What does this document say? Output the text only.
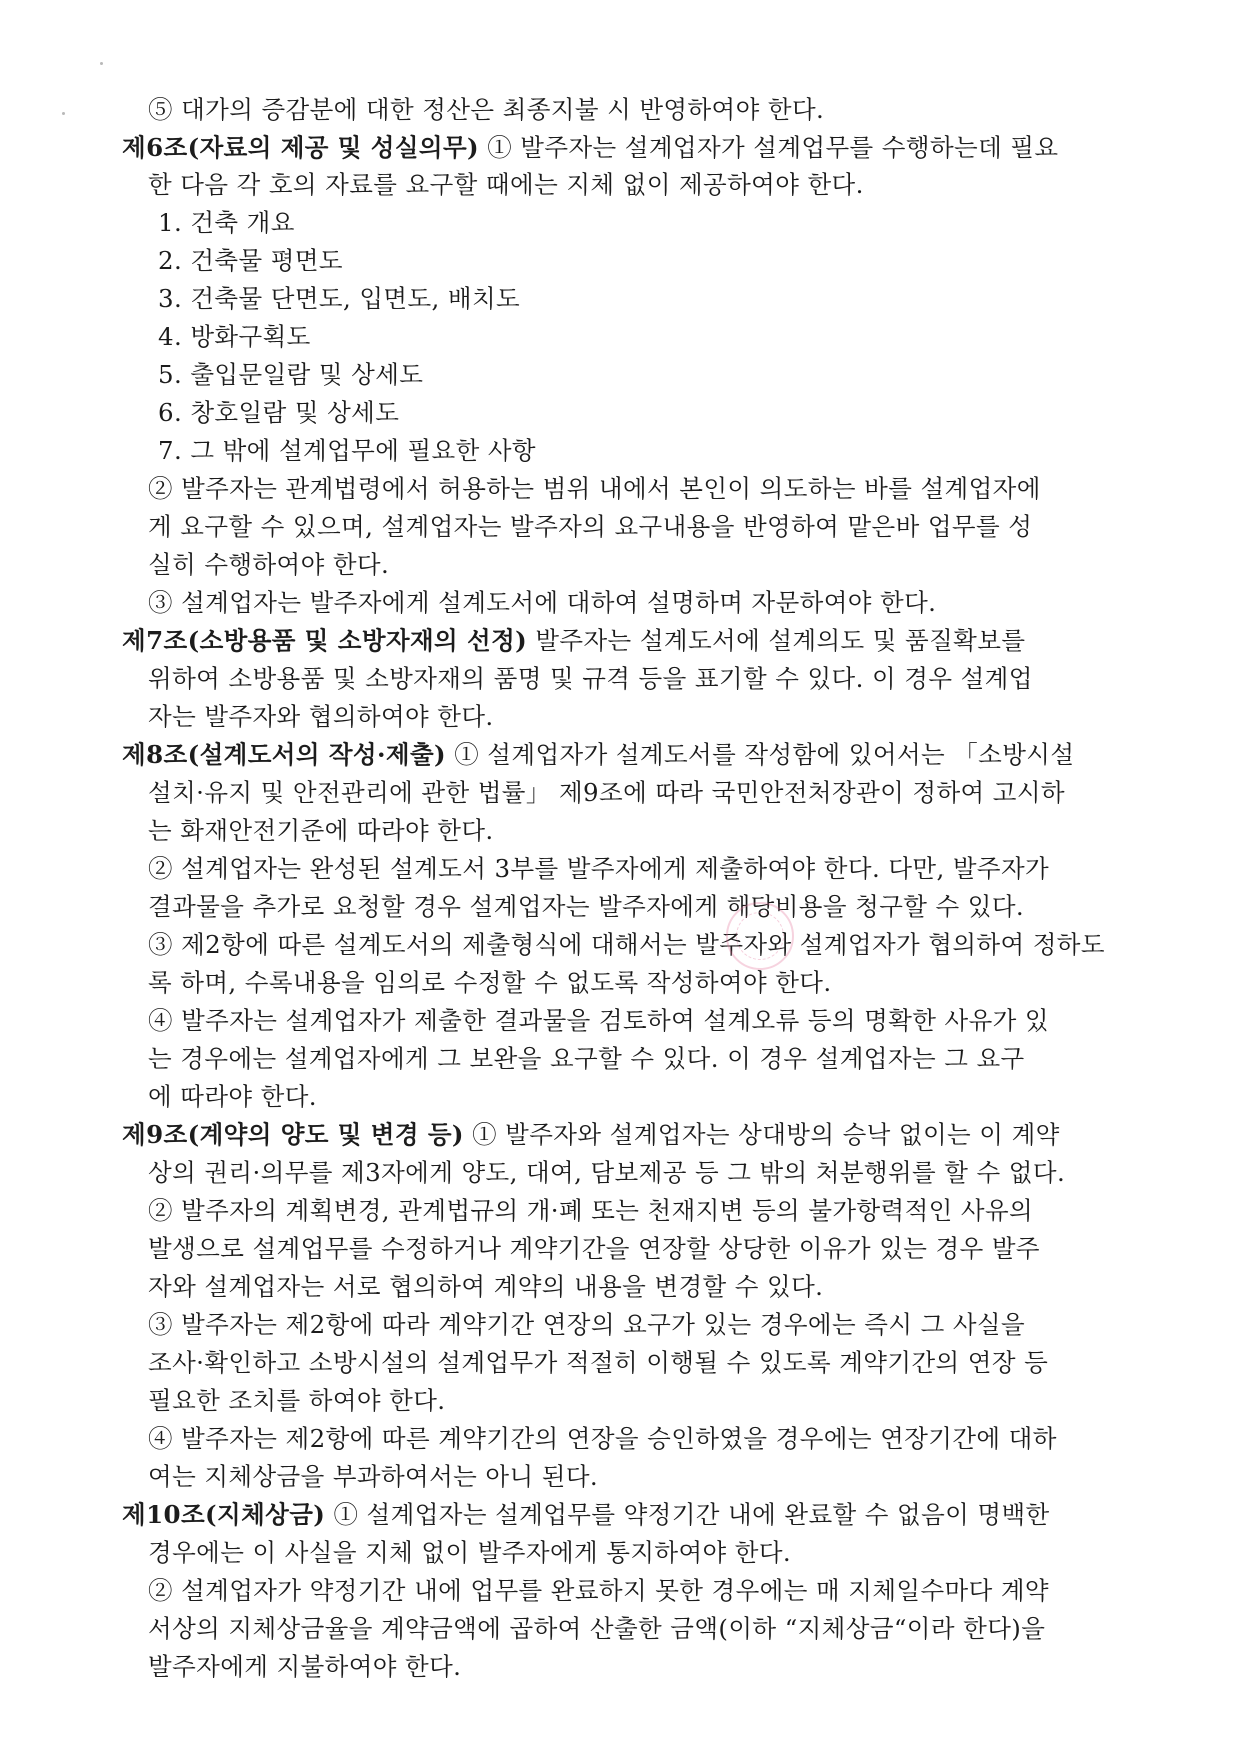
⑤ 대가의 증감분에 대한 정산은 최종지불 시 반영하여야 한다.
제6조(자료의 제공 및 성실의무) ① 발주자는 설계업자가 설계업무를 수행하는데 필요
한 다음 각 호의 자료를 요구할 때에는 지체 없이 제공하여야 한다.
1. 건축 개요
2. 건축물 평면도
3. 건축물 단면도, 입면도, 배치도
4. 방화구획도
5. 출입문일람 및 상세도
6. 창호일람 및 상세도
7. 그 밖에 설계업무에 필요한 사항
② 발주자는 관계법령에서 허용하는 범위 내에서 본인이 의도하는 바를 설계업자에
게 요구할 수 있으며, 설계업자는 발주자의 요구내용을 반영하여 맡은바 업무를 성
실히 수행하여야 한다.
③ 설계업자는 발주자에게 설계도서에 대하여 설명하며 자문하여야 한다.
제7조(소방용품 및 소방자재의 선정) 발주자는 설계도서에 설계의도 및 품질확보를
위하여 소방용품 및 소방자재의 품명 및 규격 등을 표기할 수 있다. 이 경우 설계업
자는 발주자와 협의하여야 한다.
제8조(설계도서의 작성·제출) ① 설계업자가 설계도서를 작성함에 있어서는 「소방시설
설치·유지 및 안전관리에 관한 법률」 제9조에 따라 국민안전처장관이 정하여 고시하
는 화재안전기준에 따라야 한다.
② 설계업자는 완성된 설계도서 3부를 발주자에게 제출하여야 한다. 다만, 발주자가
결과물을 추가로 요청할 경우 설계업자는 발주자에게 해당비용을 청구할 수 있다.
③ 제2항에 따른 설계도서의 제출형식에 대해서는 발주자와 설계업자가 협의하여 정하도
록 하며, 수록내용을 임의로 수정할 수 없도록 작성하여야 한다.
④ 발주자는 설계업자가 제출한 결과물을 검토하여 설계오류 등의 명확한 사유가 있
는 경우에는 설계업자에게 그 보완을 요구할 수 있다. 이 경우 설계업자는 그 요구
에 따라야 한다.
제9조(계약의 양도 및 변경 등) ① 발주자와 설계업자는 상대방의 승낙 없이는 이 계약
상의 권리·의무를 제3자에게 양도, 대여, 담보제공 등 그 밖의 처분행위를 할 수 없다.
② 발주자의 계획변경, 관계법규의 개·폐 또는 천재지변 등의 불가항력적인 사유의
발생으로 설계업무를 수정하거나 계약기간을 연장할 상당한 이유가 있는 경우 발주
자와 설계업자는 서로 협의하여 계약의 내용을 변경할 수 있다.
③ 발주자는 제2항에 따라 계약기간 연장의 요구가 있는 경우에는 즉시 그 사실을
조사·확인하고 소방시설의 설계업무가 적절히 이행될 수 있도록 계약기간의 연장 등
필요한 조치를 하여야 한다.
④ 발주자는 제2항에 따른 계약기간의 연장을 승인하였을 경우에는 연장기간에 대하
여는 지체상금을 부과하여서는 아니 된다.
제10조(지체상금) ① 설계업자는 설계업무를 약정기간 내에 완료할 수 없음이 명백한
경우에는 이 사실을 지체 없이 발주자에게 통지하여야 한다.
② 설계업자가 약정기간 내에 업무를 완료하지 못한 경우에는 매 지체일수마다 계약
서상의 지체상금율을 계약금액에 곱하여 산출한 금액(이하 “지체상금“이라 한다)을
발주자에게 지불하여야 한다.
